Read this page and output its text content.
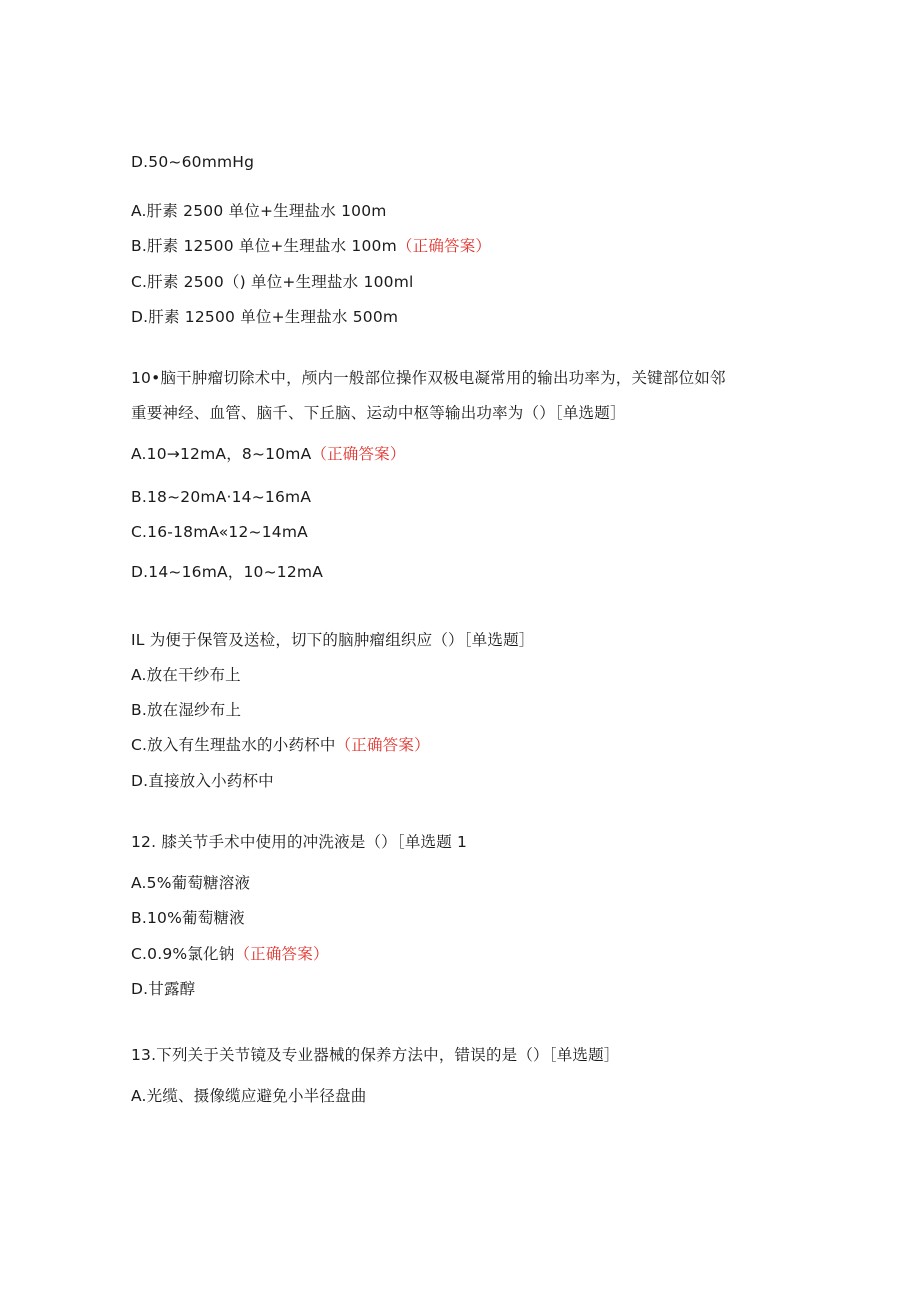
D.50~60mmHg
A.肝素 2500 单位+生理盐水 100m
B.肝素 12500 单位+生理盐水 100m（正确答案）
C.肝素 2500（) 单位+生理盐水 100ml
D.肝素 12500 单位+生理盐水 500m
10•脑干肿瘤切除术中，颅内一般部位操作双极电凝常用的输出功率为，关键部位如邻
重要神经、血管、脑千、下丘脑、运动中枢等输出功率为（）［单选题］
A.10→12mA，8~10mA（正确答案）
B.18~20mA·14~16mA
C.16-18mA«12~14mA
D.14~16mA，10~12mA
IL 为便于保管及送检，切下的脑肿瘤组织应（）［单选题］
A.放在干纱布上
B.放在湿纱布上
C.放入有生理盐水的小药杯中（正确答案）
D.直接放入小药杯中
12. 膝关节手术中使用的冲洗液是（）［单选题 1
A.5%葡萄糖溶液
B.10%葡萄糖液
C.0.9%氯化钠（正确答案）
D.甘露醇
13.下列关于关节镜及专业器械的保养方法中，错误的是（）［单选题］
A.光缆、摄像缆应避免小半径盘曲
